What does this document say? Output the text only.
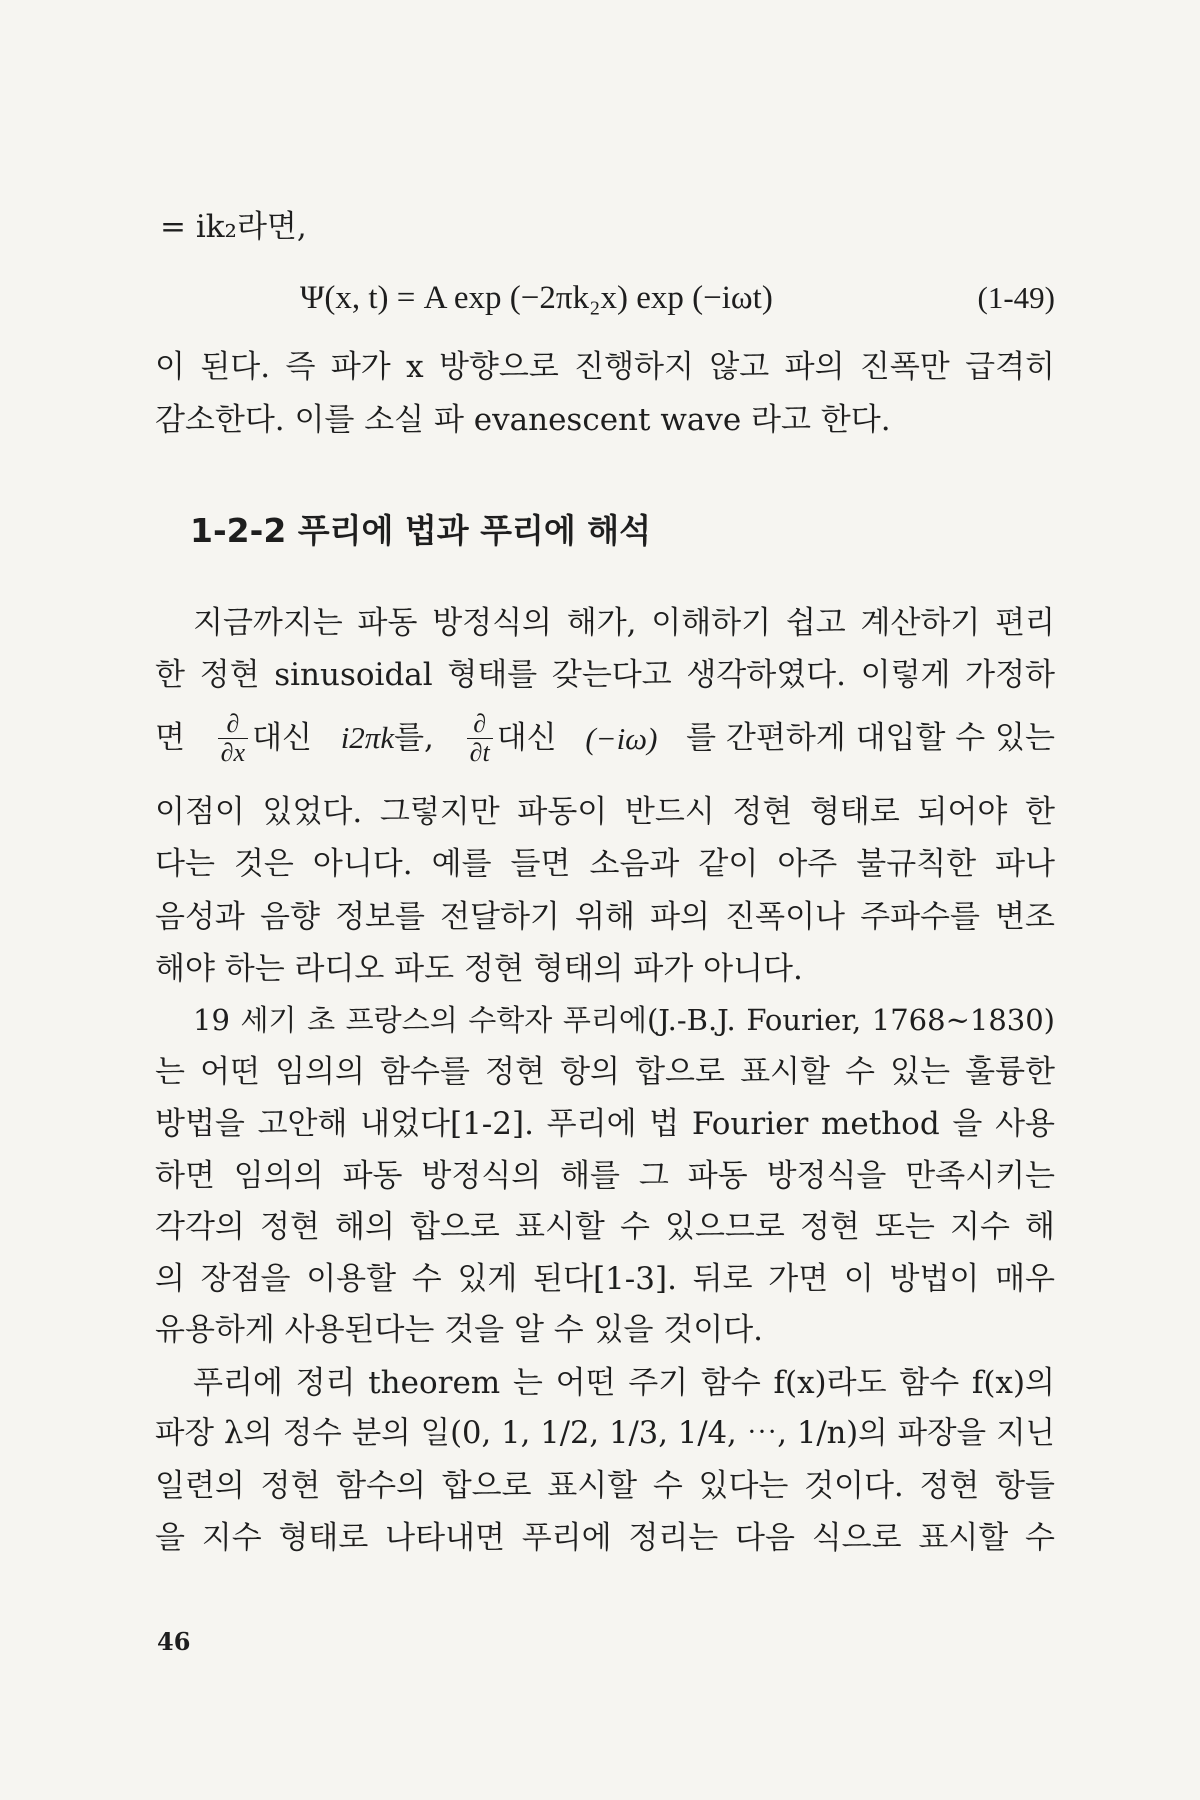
= ik₂라면,
Ψ(x, t) = A exp (−2πk₂x) exp (−iωt)	(1-49)
이 된다. 즉 파가 x 방향으로 진행하지 않고 파의 진폭만 급격히
감소한다. 이를 소실 파 evanescent wave 라고 한다.
1-2-2 푸리에 법과 푸리에 해석
지금까지는 파동 방정식의 해가, 이해하기 쉽고 계산하기 편리
한 정현 sinusoidal 형태를 갖는다고 생각하였다. 이렇게 가정하
면 $\frac{\partial}{\partial x}$ 대신 i2πk를, $\frac{\partial}{\partial t}$ 대신 (−iω) 를 간편하게 대입할 수 있는
이점이 있었다. 그렇지만 파동이 반드시 정현 형태로 되어야 한
다는 것은 아니다. 예를 들면 소음과 같이 아주 불규칙한 파나
음성과 음향 정보를 전달하기 위해 파의 진폭이나 주파수를 변조
해야 하는 라디오 파도 정현 형태의 파가 아니다.
19 세기 초 프랑스의 수학자 푸리에(J.-B.J. Fourier, 1768~1830)
는 어떤 임의의 함수를 정현 항의 합으로 표시할 수 있는 훌륭한
방법을 고안해 내었다[1-2]. 푸리에 법 Fourier method 을 사용
하면 임의의 파동 방정식의 해를 그 파동 방정식을 만족시키는
각각의 정현 해의 합으로 표시할 수 있으므로 정현 또는 지수 해
의 장점을 이용할 수 있게 된다[1-3]. 뒤로 가면 이 방법이 매우
유용하게 사용된다는 것을 알 수 있을 것이다.
푸리에 정리 theorem 는 어떤 주기 함수 f(x)라도 함수 f(x)의
파장 λ의 정수 분의 일(0, 1, 1/2, 1/3, 1/4, ⋯, 1/n)의 파장을 지닌
일련의 정현 함수의 합으로 표시할 수 있다는 것이다. 정현 항들
을 지수 형태로 나타내면 푸리에 정리는 다음 식으로 표시할 수
46
